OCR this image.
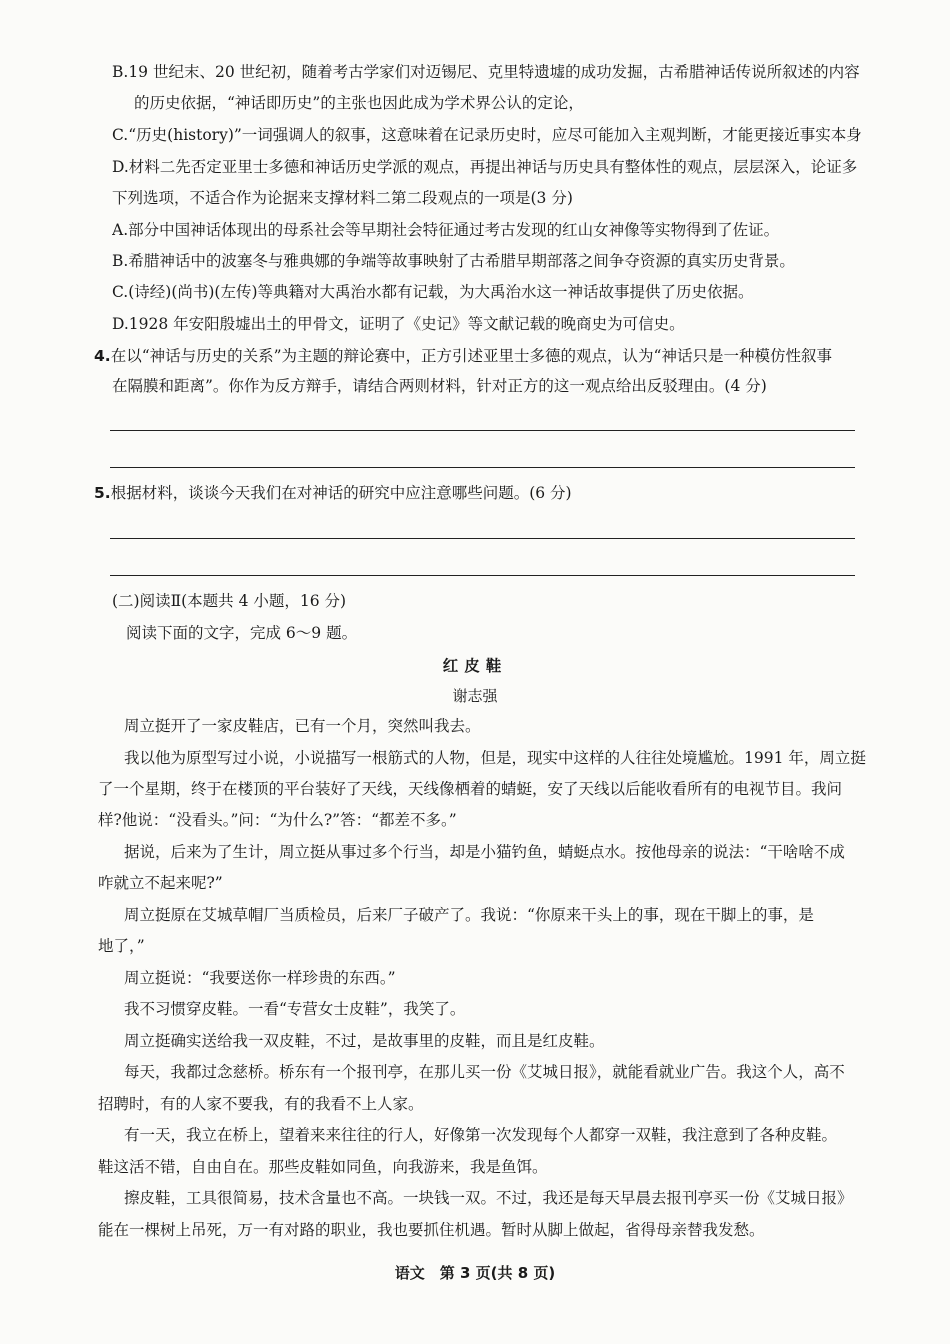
B.19 世纪末、20 世纪初，随着考古学家们对迈锡尼、克里特遗墟的成功发掘，古希腊神话传说所叙述的内容
的历史依据，“神话即历史”的主张也因此成为学术界公认的定论，
C.“历史(history)”一词强调人的叙事，这意味着在记录历史时，应尽可能加入主观判断，才能更接近事实本身
D.材料二先否定亚里士多德和神话历史学派的观点，再提出神话与历史具有整体性的观点，层层深入，论证多
下列选项，不适合作为论据来支撑材料二第二段观点的一项是(3 分)
A.部分中国神话体现出的母系社会等早期社会特征通过考古发现的红山女神像等实物得到了佐证。
B.希腊神话中的波塞冬与雅典娜的争端等故事映射了古希腊早期部落之间争夺资源的真实历史背景。
C.(诗经)(尚书)(左传)等典籍对大禹治水都有记载，为大禹治水这一神话故事提供了历史依据。
D.1928 年安阳殷墟出土的甲骨文，证明了《史记》等文献记载的晚商史为可信史。
4.在以“神话与历史的关系”为主题的辩论赛中，正方引述亚里士多德的观点，认为“神话只是一种模仿性叙事
在隔膜和距离”。你作为反方辩手，请结合两则材料，针对正方的这一观点给出反驳理由。(4 分)
5.根据材料，谈谈今天我们在对神话的研究中应注意哪些问题。(6 分)
(二)阅读Ⅱ(本题共 4 小题，16 分)
阅读下面的文字，完成 6～9 题。
红皮鞋
谢志强
周立挺开了一家皮鞋店，已有一个月，突然叫我去。
我以他为原型写过小说，小说描写一根筋式的人物，但是，现实中这样的人往往处境尴尬。1991 年，周立挺
了一个星期，终于在楼顶的平台装好了天线，天线像栖着的蜻蜓，安了天线以后能收看所有的电视节目。我问
样?他说：“没看头。”问：“为什么?”答：“都差不多。”
据说，后来为了生计，周立挺从事过多个行当，却是小猫钓鱼，蜻蜓点水。按他母亲的说法：“干啥啥不成
咋就立不起来呢?”
周立挺原在艾城草帽厂当质检员，后来厂子破产了。我说：“你原来干头上的事，现在干脚上的事，是
地了，”
周立挺说：“我要送你一样珍贵的东西。”
我不习惯穿皮鞋。一看“专营女士皮鞋”，我笑了。
周立挺确实送给我一双皮鞋，不过，是故事里的皮鞋，而且是红皮鞋。
每天，我都过念慈桥。桥东有一个报刊亭，在那儿买一份《艾城日报》，就能看就业广告。我这个人，高不
招聘时，有的人家不要我，有的我看不上人家。
有一天，我立在桥上，望着来来往往的行人，好像第一次发现每个人都穿一双鞋，我注意到了各种皮鞋。
鞋这活不错，自由自在。那些皮鞋如同鱼，向我游来，我是鱼饵。
擦皮鞋，工具很简易，技术含量也不高。一块钱一双。不过，我还是每天早晨去报刊亭买一份《艾城日报》
能在一棵树上吊死，万一有对路的职业，我也要抓住机遇。暂时从脚上做起，省得母亲替我发愁。
语文　第 3 页(共 8 页)
